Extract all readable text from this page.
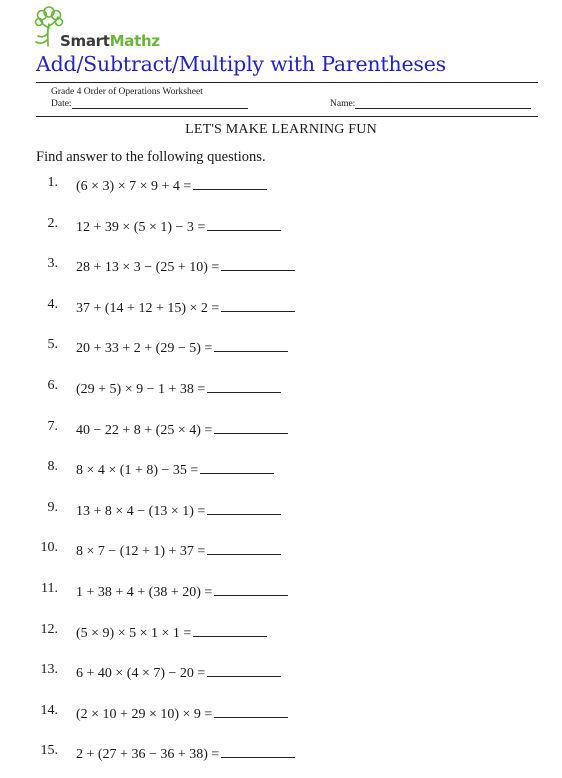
SmartMathz
Add/Subtract/Multiply with Parentheses
Grade 4 Order of Operations Worksheet
Date:	Name:
LET'S MAKE LEARNING FUN
Find answer to the following questions.
1. (6 × 3) × 7 × 9 + 4 =
2. 12 + 39 × (5 × 1) − 3 =
3. 28 + 13 × 3 − (25 + 10) =
4. 37 + (14 + 12 + 15) × 2 =
5. 20 + 33 + 2 + (29 − 5) =
6. (29 + 5) × 9 − 1 + 38 =
7. 40 − 22 + 8 + (25 × 4) =
8. 8 × 4 × (1 + 8) − 35 =
9. 13 + 8 × 4 − (13 × 1) =
10. 8 × 7 − (12 + 1) + 37 =
11. 1 + 38 + 4 + (38 + 20) =
12. (5 × 9) × 5 × 1 × 1 =
13. 6 + 40 × (4 × 7) − 20 =
14. (2 × 10 + 29 × 10) × 9 =
15. 2 + (27 + 36 − 36 + 38) =
